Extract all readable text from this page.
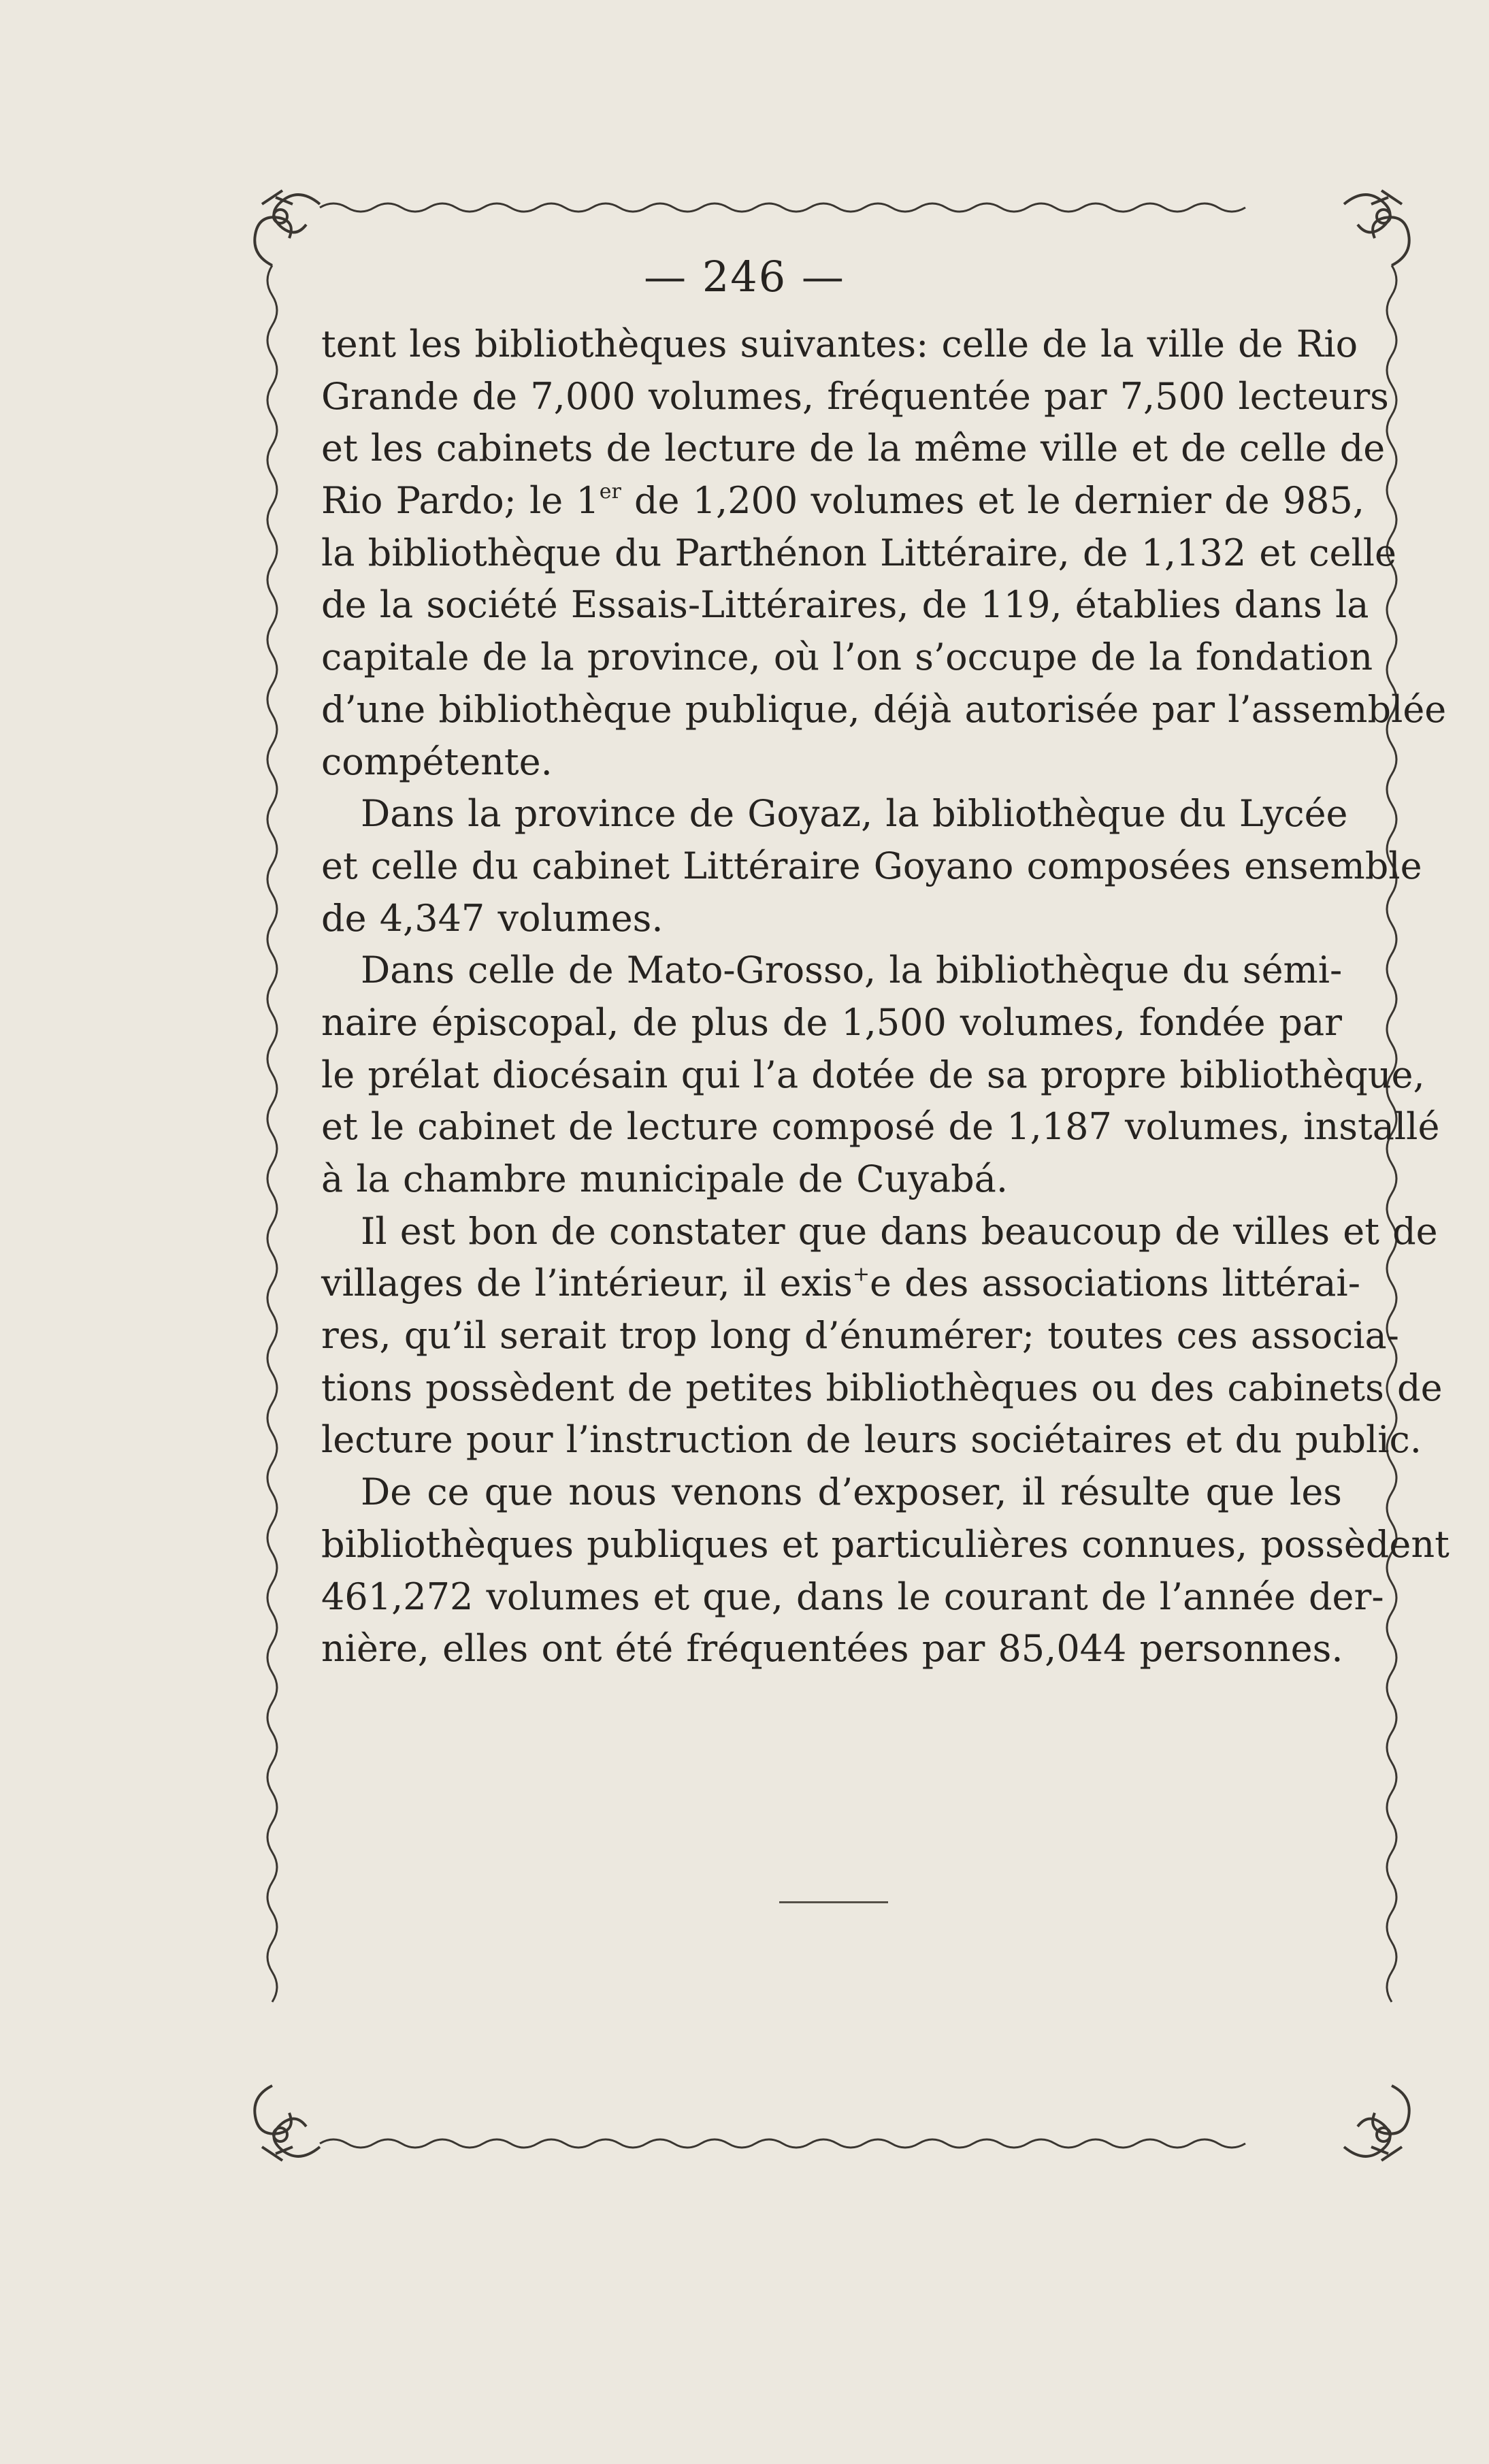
— 246 —
tent les bibliothèques suivantes: celle de la ville de Rio
Grande de 7,000 volumes, fréquentée par 7,500 lecteurs
et les cabinets de lecture de la même ville et de celle de
Rio Pardo; le 1er de 1,200 volumes et le dernier de 985,
la bibliothèque du Parthénon Littéraire, de 1,132 et celle
de la société Essais-Littéraires, de 119, établies dans la
capitale de la province, où l’on s’occupe de la fondation
d’une bibliothèque publique, déjà autorisée par l’assemblée
compétente.
Dans la province de Goyaz, la bibliothèque du Lycée
et celle du cabinet Littéraire Goyano composées ensemble
de 4,347 volumes.
Dans celle de Mato-Grosso, la bibliothèque du sémi-
naire épiscopal, de plus de 1,500 volumes, fondée par
le prélat diocésain qui l’a dotée de sa propre bibliothèque,
et le cabinet de lecture composé de 1,187 volumes, installé
à la chambre municipale de Cuyabá.
Il est bon de constater que dans beaucoup de villes et de
villages de l’intérieur, il exis+e des associations littérai-
res, qu’il serait trop long d’énumérer; toutes ces associa-
tions possèdent de petites bibliothèques ou des cabinets de
lecture pour l’instruction de leurs sociétaires et du public.
De ce que nous venons d’exposer, il résulte que les
bibliothèques publiques et particulières connues, possèdent
461,272 volumes et que, dans le courant de l’année der-
nière, elles ont été fréquentées par 85,044 personnes.
